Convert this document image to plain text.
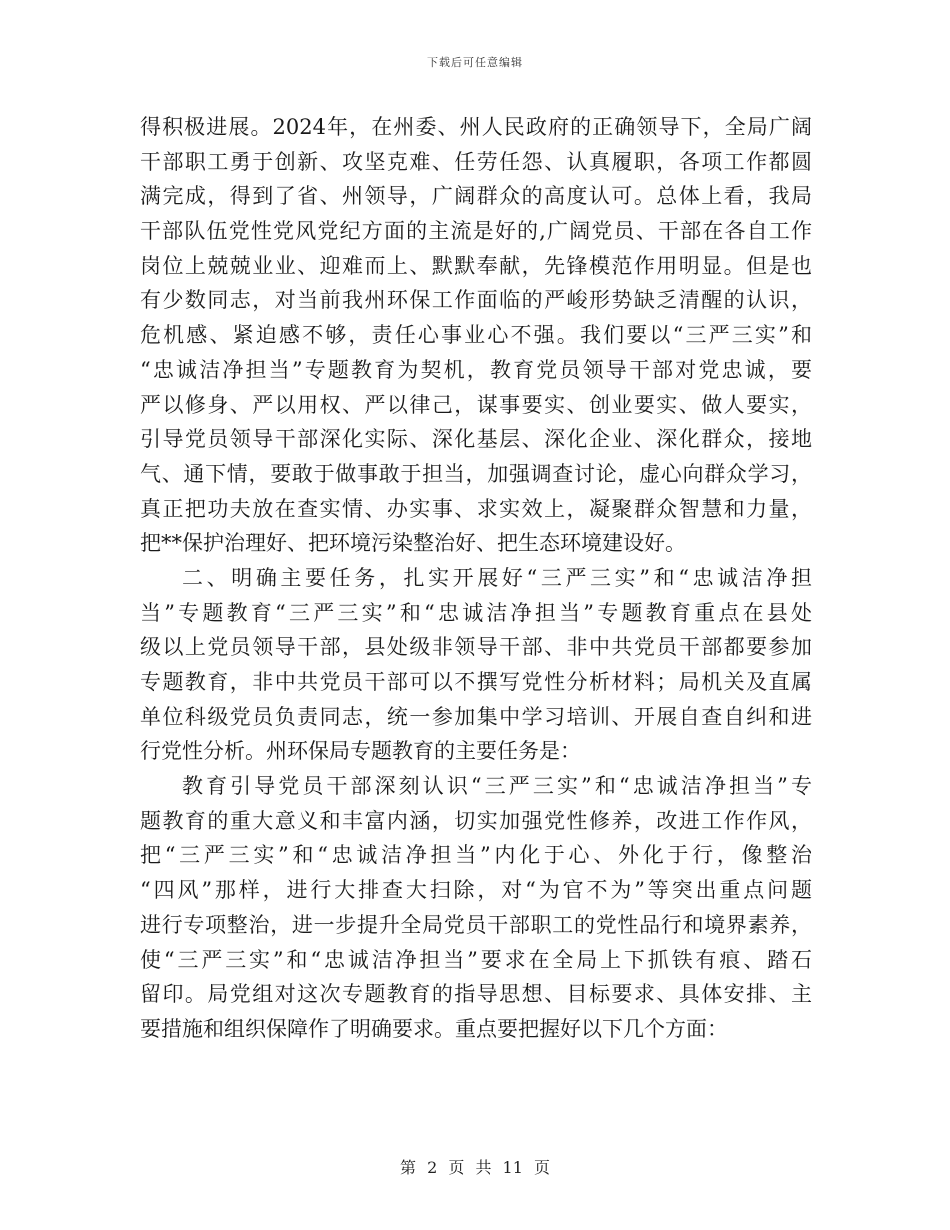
下载后可任意编辑
得积极进展。2024年，在州委、州人民政府的正确领导下，全局广阔
干部职工勇于创新、攻坚克难、任劳任怨、认真履职，各项工作都圆
满完成，得到了省、州领导，广阔群众的高度认可。总体上看，我局
干部队伍党性党风党纪方面的主流是好的,广阔党员、干部在各自工作
岗位上兢兢业业、迎难而上、默默奉献，先锋模范作用明显。但是也
有少数同志，对当前我州环保工作面临的严峻形势缺乏清醒的认识，
危机感、紧迫感不够，责任心事业心不强。我们要以“三严三实”和
“忠诚洁净担当”专题教育为契机，教育党员领导干部对党忠诚，要
严以修身、严以用权、严以律己，谋事要实、创业要实、做人要实，
引导党员领导干部深化实际、深化基层、深化企业、深化群众，接地
气、通下情，要敢于做事敢于担当，加强调查讨论，虚心向群众学习，
真正把功夫放在查实情、办实事、求实效上，凝聚群众智慧和力量，
把**保护治理好、把环境污染整治好、把生态环境建设好。
二、明确主要任务，扎实开展好“三严三实”和“忠诚洁净担
当”专题教育“三严三实”和“忠诚洁净担当”专题教育重点在县处
级以上党员领导干部，县处级非领导干部、非中共党员干部都要参加
专题教育，非中共党员干部可以不撰写党性分析材料；局机关及直属
单位科级党员负责同志，统一参加集中学习培训、开展自查自纠和进
行党性分析。州环保局专题教育的主要任务是：
教育引导党员干部深刻认识“三严三实”和“忠诚洁净担当”专
题教育的重大意义和丰富内涵，切实加强党性修养，改进工作作风，
把“三严三实”和“忠诚洁净担当”内化于心、外化于行，像整治
“四风”那样，进行大排查大扫除，对“为官不为”等突出重点问题
进行专项整治，进一步提升全局党员干部职工的党性品行和境界素养，
使“三严三实”和“忠诚洁净担当”要求在全局上下抓铁有痕、踏石
留印。局党组对这次专题教育的指导思想、目标要求、具体安排、主
要措施和组织保障作了明确要求。重点要把握好以下几个方面：
第 2 页 共 11 页
